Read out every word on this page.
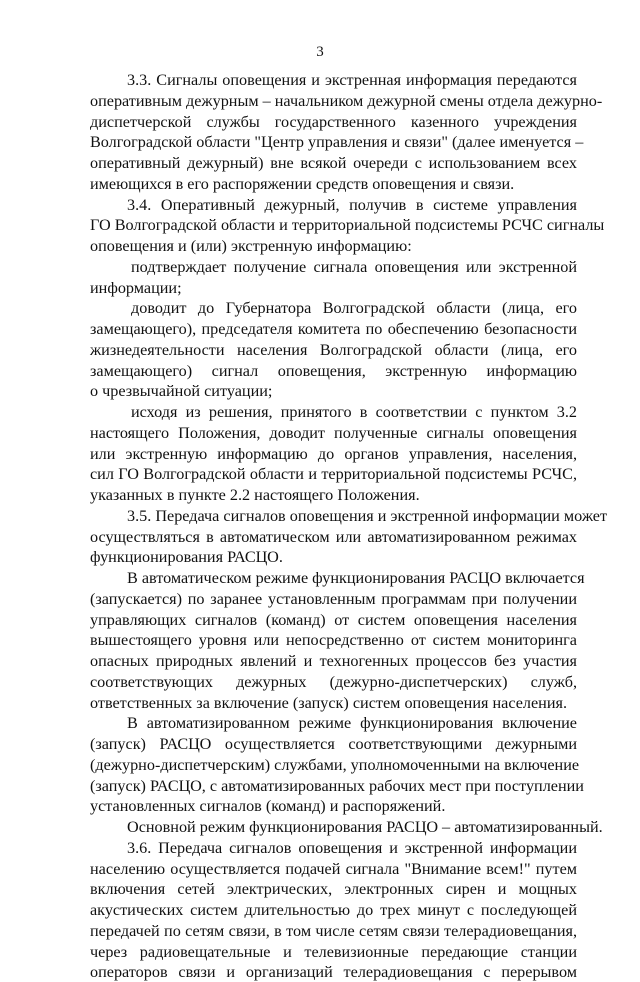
3
3.3. Сигналы оповещения и экстренная информация передаются
оперативным дежурным – начальником дежурной смены отдела дежурно-
диспетчерской службы государственного казенного учреждения
Волгоградской области "Центр управления и связи" (далее именуется –
оперативный дежурный) вне всякой очереди с использованием всех
имеющихся в его распоряжении средств оповещения и связи.
3.4. Оперативный дежурный, получив в системе управления
ГО Волгоградской области и территориальной подсистемы РСЧС сигналы
оповещения и (или) экстренную информацию:
подтверждает получение сигнала оповещения или экстренной
информации;
доводит до Губернатора Волгоградской области (лица, его
замещающего), председателя комитета по обеспечению безопасности
жизнедеятельности населения Волгоградской области (лица, его
замещающего) сигнал оповещения, экстренную информацию
о чрезвычайной ситуации;
исходя из решения, принятого в соответствии с пунктом 3.2
настоящего Положения, доводит полученные сигналы оповещения
или экстренную информацию до органов управления, населения,
сил ГО Волгоградской области и территориальной подсистемы РСЧС,
указанных в пункте 2.2 настоящего Положения.
3.5. Передача сигналов оповещения и экстренной информации может
осуществляться в автоматическом или автоматизированном режимах
функционирования РАСЦО.
В автоматическом режиме функционирования РАСЦО включается
(запускается) по заранее установленным программам при получении
управляющих сигналов (команд) от систем оповещения населения
вышестоящего уровня или непосредственно от систем мониторинга
опасных природных явлений и техногенных процессов без участия
соответствующих дежурных (дежурно-диспетчерских) служб,
ответственных за включение (запуск) систем оповещения населения.
В автоматизированном режиме функционирования включение
(запуск) РАСЦО осуществляется соответствующими дежурными
(дежурно-диспетчерским) службами, уполномоченными на включение
(запуск) РАСЦО, с автоматизированных рабочих мест при поступлении
установленных сигналов (команд) и распоряжений.
Основной режим функционирования РАСЦО – автоматизированный.
3.6. Передача сигналов оповещения и экстренной информации
населению осуществляется подачей сигнала "Внимание всем!" путем
включения сетей электрических, электронных сирен и мощных
акустических систем длительностью до трех минут с последующей
передачей по сетям связи, в том числе сетям связи телерадиовещания,
через радиовещательные и телевизионные передающие станции
операторов связи и организаций телерадиовещания с перерывом
